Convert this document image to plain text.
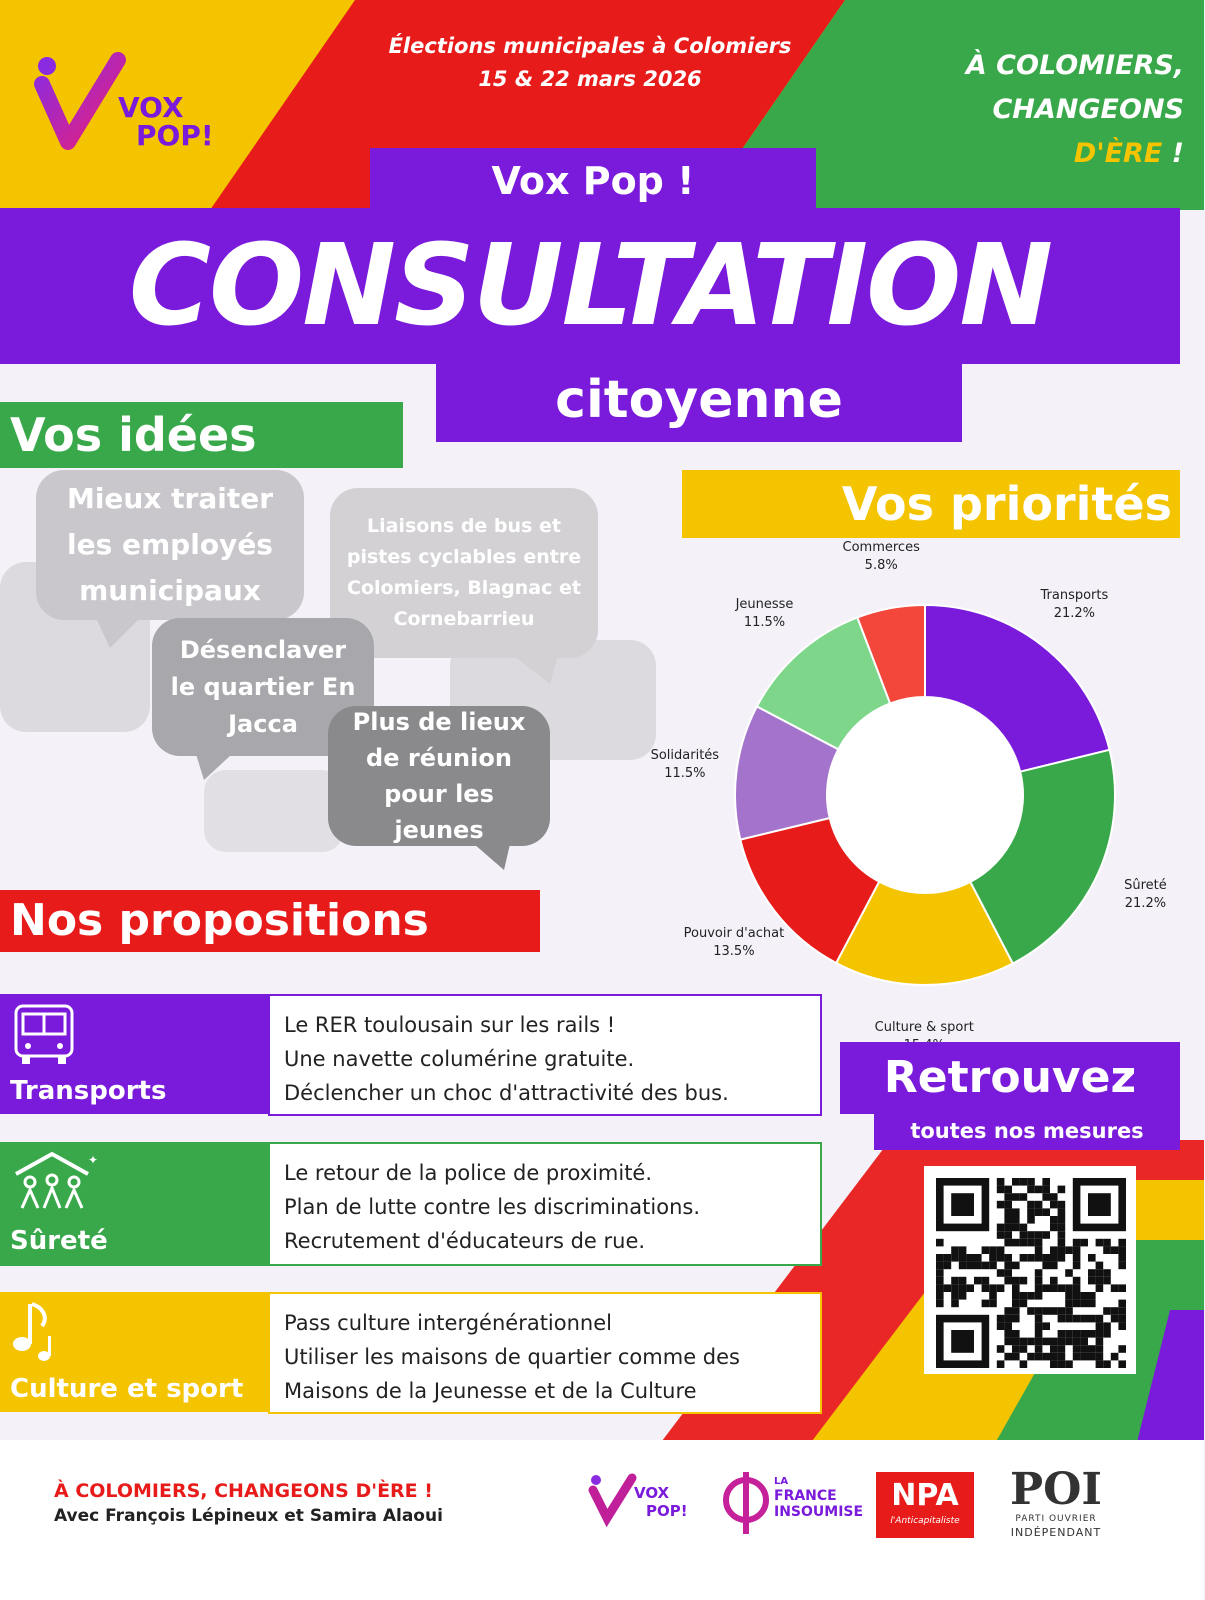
VOX
POP!
Élections municipales à Colomiers
15 & 22 mars 2026	À COLOMIERS,
CHANGEONS
D'ÈRE !
Vox Pop !
CONSULTATION
citoyenne
Vos idées
Mieux traiter
les employés
municipaux
Liaisons de bus et
pistes cyclables entre
Colomiers, Blagnac et
Cornebarrieu
Désenclaver
le quartier En
Jacca Plus de lieux
de réunion
pour les jeunes
Vos priorités
Transports
21.2%
Sûreté
21.2%
Culture & sport
Pouvoir d'achat
13.5%
Solidarités
11.5%
Jeunesse
11.5%
Commerces
5.8%
Nos propositions
Transports
Le RER toulousain sur les rails !
Une navette columérine gratuite.
Déclencher un choc d'attractivité des bus.
✦
Sûreté
Le retour de la police de proximité.
Plan de lutte contre les discriminations.
Recrutement d'éducateurs de rue.
Culture et sport
Pass culture intergénérationnel
Utiliser les maisons de quartier comme des
Maisons de la Jeunesse et de la Culture
Retrouvez
toutes nos mesures
À COLOMIERS, CHANGEONS D'ÈRE !
Avec François Lépineux et Samira Alaoui
VOX
POP!
LA
FRANCE
INSOUMISE NPA
l'Anticapitaliste
POI
PARTI OUVRIER
INDÉPENDANT
